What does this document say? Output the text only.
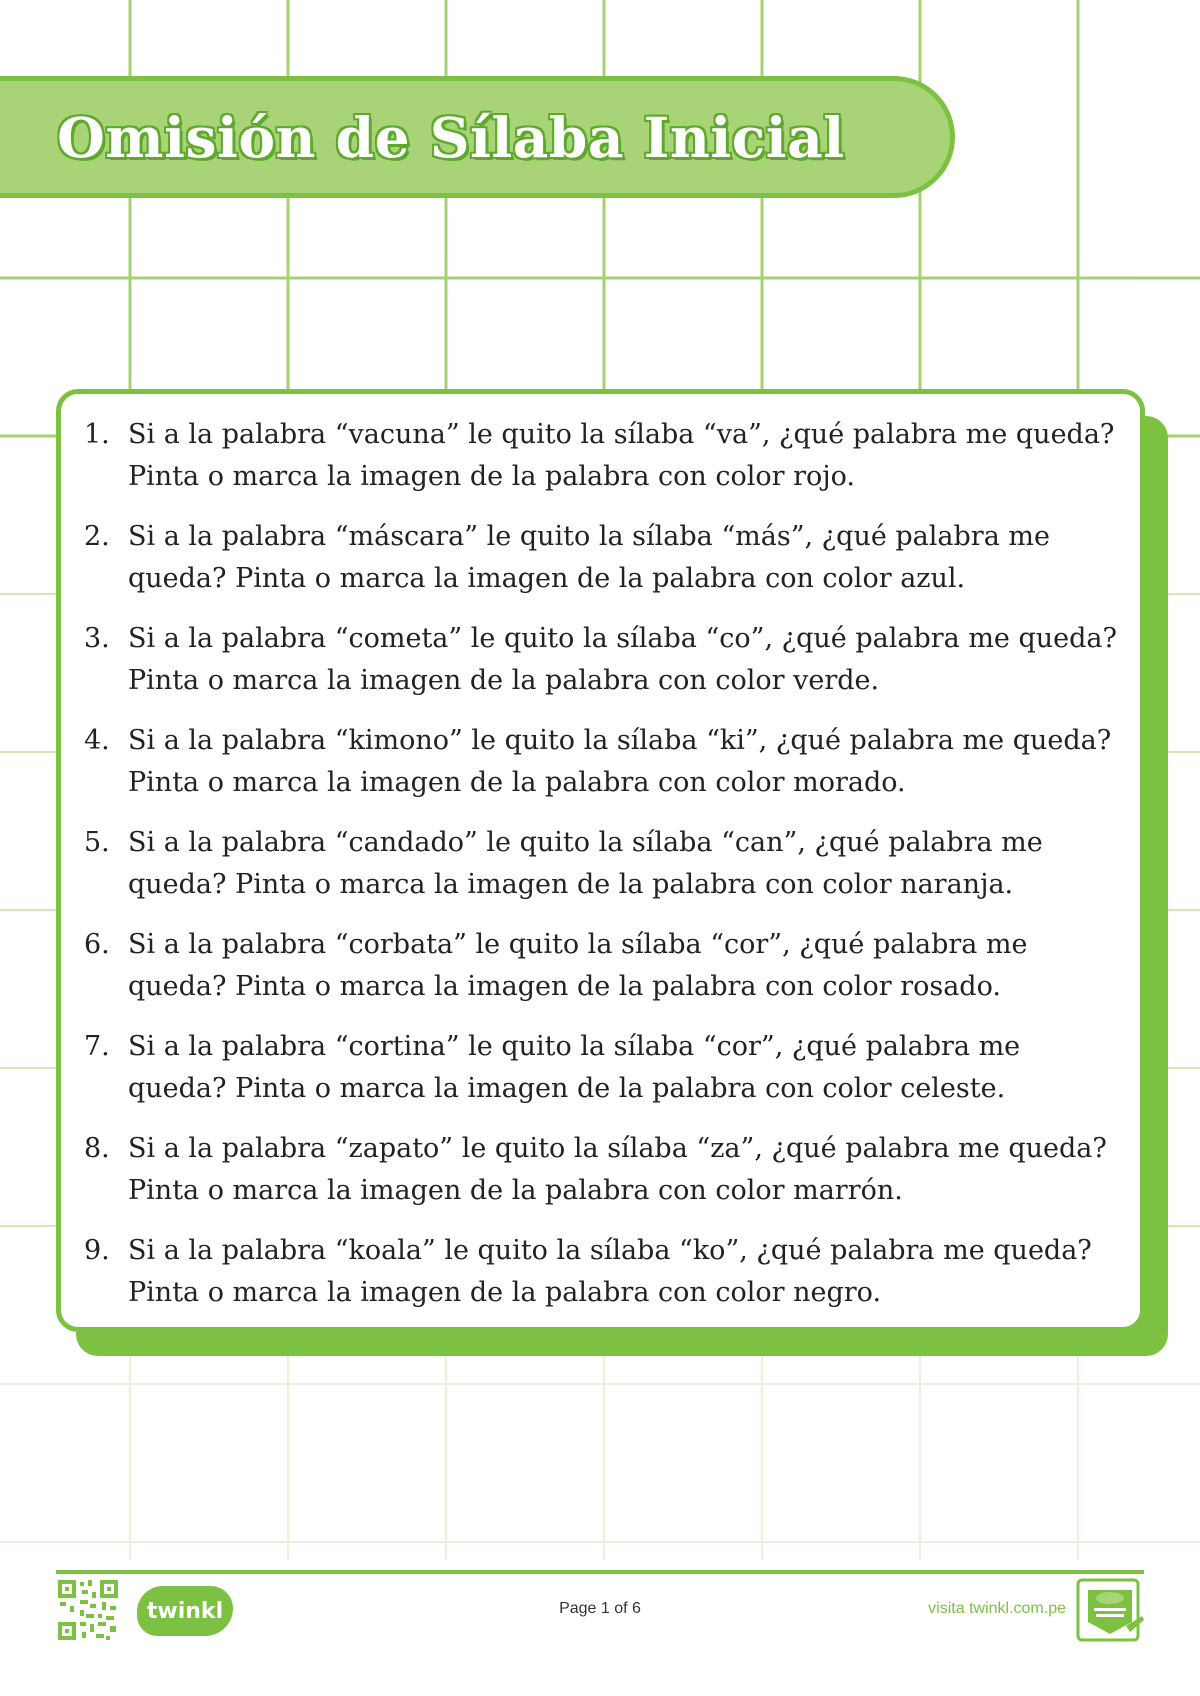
Omisión de Sílaba Inicial
1. Si a la palabra “vacuna” le quito la sílaba “va”, ¿qué palabra me queda? Pinta o marca la imagen de la palabra con color rojo.
2. Si a la palabra “máscara” le quito la sílaba “más”, ¿qué palabra me queda? Pinta o marca la imagen de la palabra con color azul.
3. Si a la palabra “cometa” le quito la sílaba “co”, ¿qué palabra me queda? Pinta o marca la imagen de la palabra con color verde.
4. Si a la palabra “kimono” le quito la sílaba “ki”, ¿qué palabra me queda? Pinta o marca la imagen de la palabra con color morado.
5. Si a la palabra “candado” le quito la sílaba “can”, ¿qué palabra me queda? Pinta o marca la imagen de la palabra con color naranja.
6. Si a la palabra “corbata” le quito la sílaba “cor”, ¿qué palabra me queda? Pinta o marca la imagen de la palabra con color rosado.
7. Si a la palabra “cortina” le quito la sílaba “cor”, ¿qué palabra me queda? Pinta o marca la imagen de la palabra con color celeste.
8. Si a la palabra “zapato” le quito la sílaba “za”, ¿qué palabra me queda? Pinta o marca la imagen de la palabra con color marrón.
9. Si a la palabra “koala” le quito la sílaba “ko”, ¿qué palabra me queda? Pinta o marca la imagen de la palabra con color negro.
twinkl	Page 1 of 6	visita twinkl.com.pe
